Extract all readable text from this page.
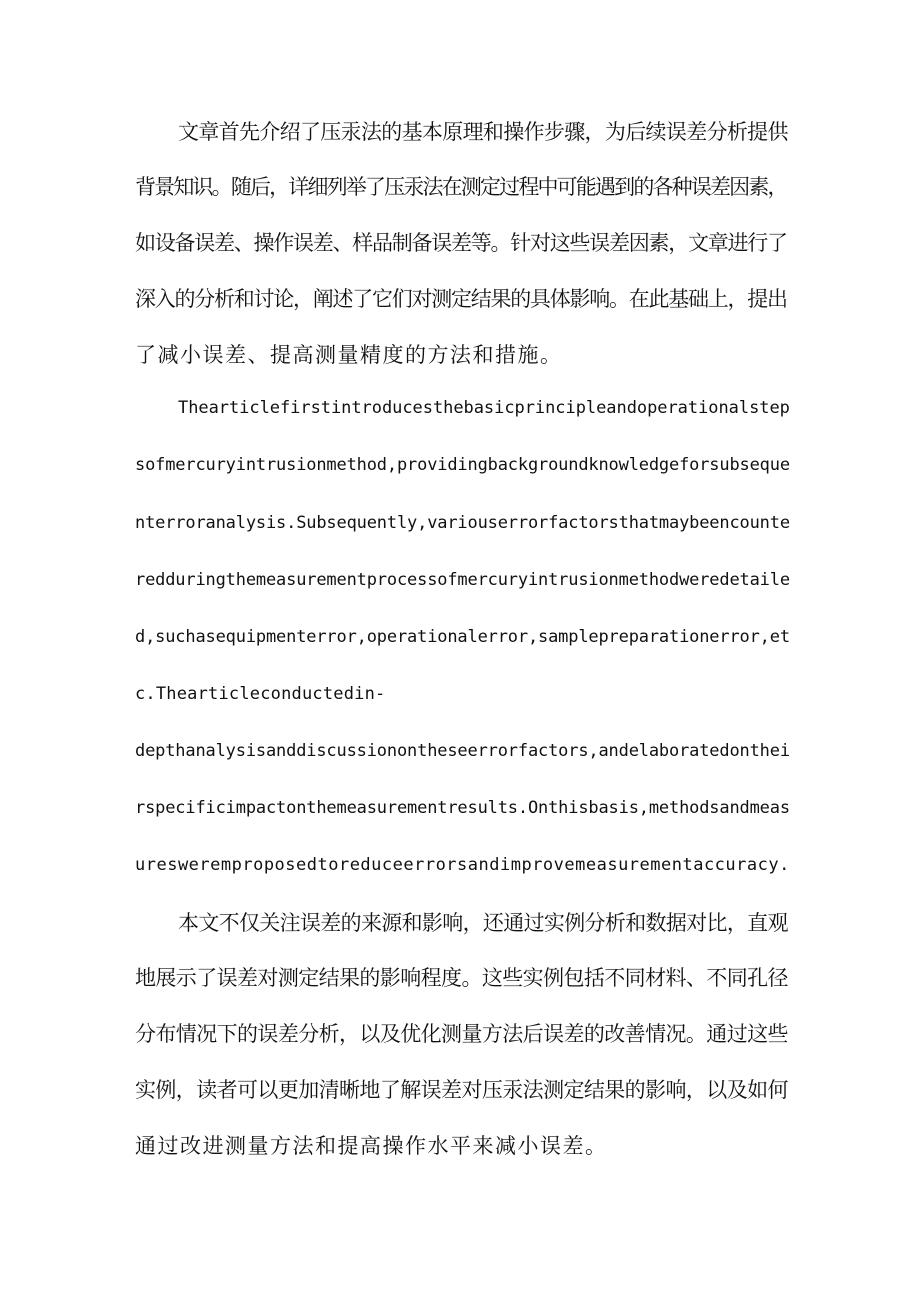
文章首先介绍了压汞法的基本原理和操作步骤，为后续误差分析提供

背景知识。随后，详细列举了压汞法在测定过程中可能遇到的各种误差因素，

如设备误差、操作误差、样品制备误差等。针对这些误差因素，文章进行了

深入的分析和讨论，阐述了它们对测定结果的具体影响。在此基础上，提出

了减小误差、提高测量精度的方法和措施。

Thearticlefirstintroducesthebasicprincipleandoperationalstep

sofmercuryintrusionmethod,providingbackgroundknowledgeforsubseque

nterroranalysis.Subsequently,variouserrorfactorsthatmaybeencounte

redduringthemeasurementprocessofmercuryintrusionmethodweredetaile

d,suchasequipmenterror,operationalerror,samplepreparationerror,et

c.Thearticleconductedin-

depthanalysisanddiscussionontheseerrorfactors,andelaboratedonthei

rspecificimpactonthemeasurementresults.Onthisbasis,methodsandmeas

uresweremproposedtoreduceerrorsandimprovemeasurementaccuracy.

本文不仅关注误差的来源和影响，还通过实例分析和数据对比，直观

地展示了误差对测定结果的影响程度。这些实例包括不同材料、不同孔径

分布情况下的误差分析，以及优化测量方法后误差的改善情况。通过这些

实例，读者可以更加清晰地了解误差对压汞法测定结果的影响，以及如何

通过改进测量方法和提高操作水平来减小误差。
